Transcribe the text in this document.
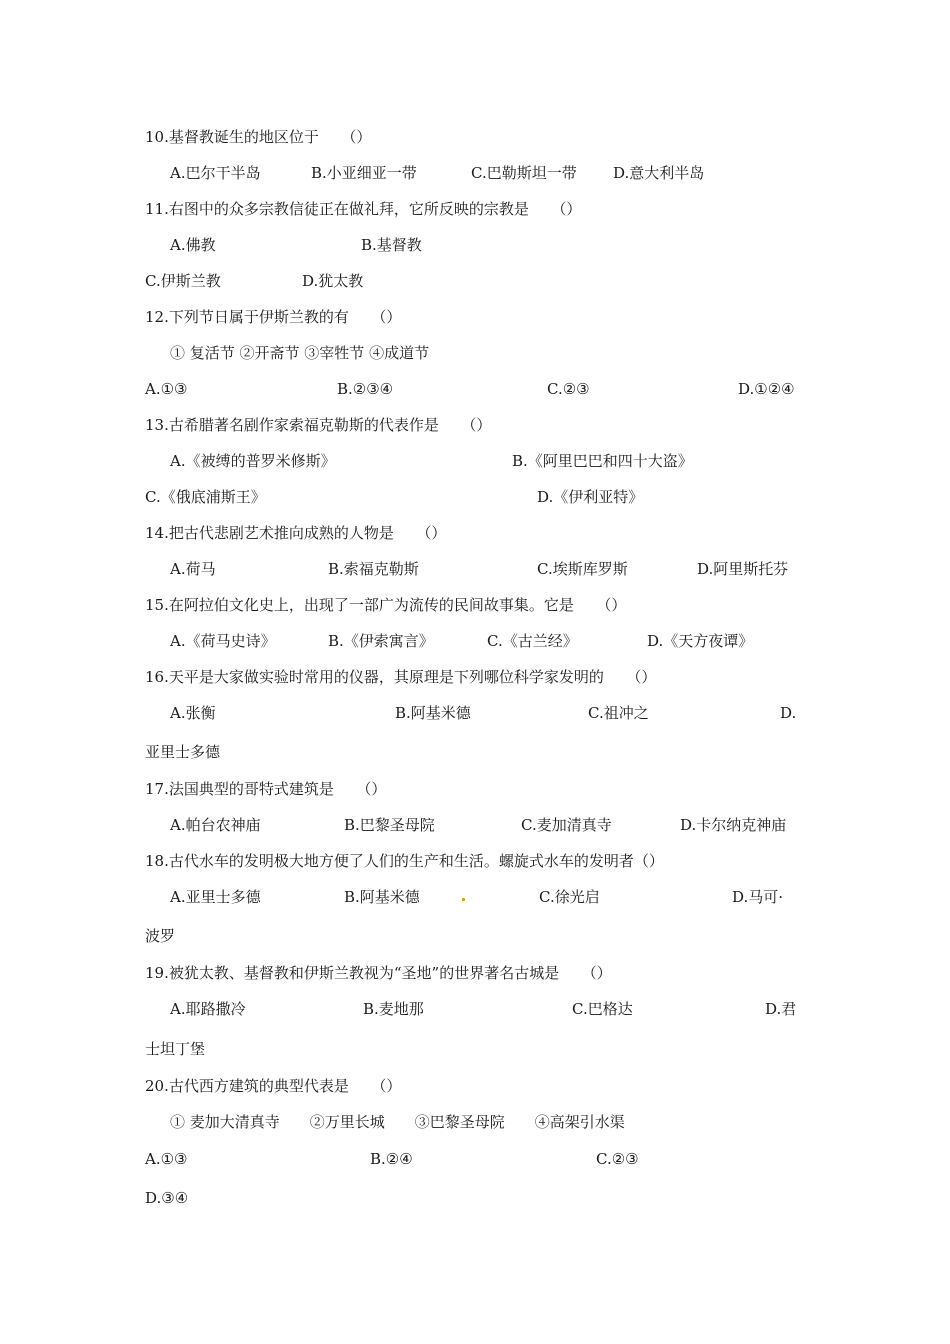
10.基督教诞生的地区位于　　（）
A.巴尔干半岛	B.小亚细亚一带	C.巴勒斯坦一带 D.意大利半岛
11.右图中的众多宗教信徒正在做礼拜，它所反映的宗教是　　（）
A.佛教	B.基督教
C.伊斯兰教	D.犹太教
12.下列节日属于伊斯兰教的有　　（）
① 复活节 ②开斋节 ③宰牲节 ④成道节
A.①③	B.②③④	C.②③	D.①②④
13.古希腊著名剧作家索福克勒斯的代表作是　　（）
A.《被缚的普罗米修斯》	B.《阿里巴巴和四十大盗》
C.《俄底浦斯王》	D.《伊利亚特》
14.把古代悲剧艺术推向成熟的人物是　　（）
A.荷马	B.索福克勒斯	C.埃斯库罗斯	D.阿里斯托芬
15.在阿拉伯文化史上，出现了一部广为流传的民间故事集。它是　　（）
A.《荷马史诗》	B.《伊索寓言》	C.《古兰经》	D.《天方夜谭》
16.天平是大家做实验时常用的仪器，其原理是下列哪位科学家发明的　　（）
A.张衡	B.阿基米德	C.祖冲之	D.
亚里士多德
17.法国典型的哥特式建筑是　　（）
A.帕台农神庙	B.巴黎圣母院	C.麦加清真寺	D.卡尔纳克神庙
18.古代水车的发明极大地方便了人们的生产和生活。螺旋式水车的发明者（）
A.亚里士多德	B.阿基米德	C.徐光启	D.马可·
波罗
19.被犹太教、基督教和伊斯兰教视为“圣地”的世界著名古城是　　（）
A.耶路撒冷	B.麦地那	C.巴格达	D.君
士坦丁堡
20.古代西方建筑的典型代表是　　（）
① 麦加大清真寺　　②万里长城　　③巴黎圣母院　　④高架引水渠
A.①③	B.②④	C.②③
D.③④
